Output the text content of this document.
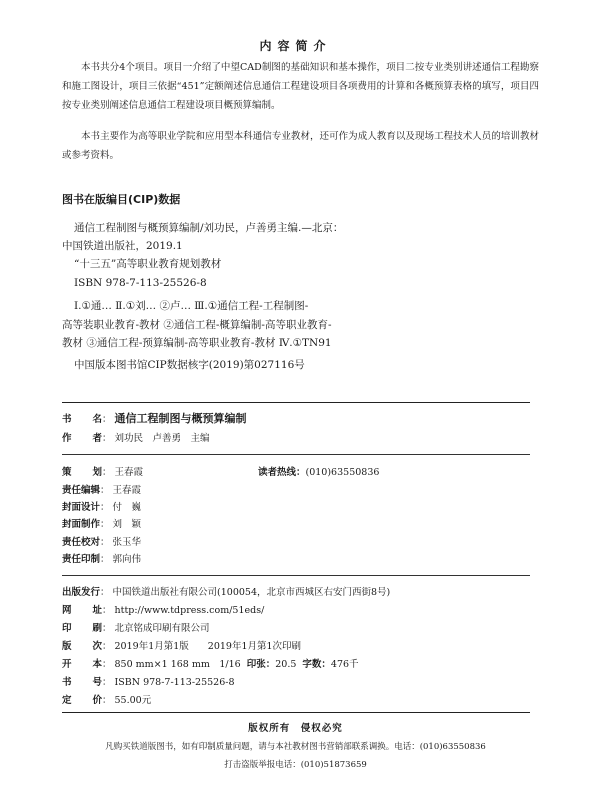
内容简介
本书共分4个项目。项目一介绍了中望CAD制图的基础知识和基本操作，项目二按专业类别讲述通信工程勘察和施工图设计，项目三依据“451”定额阐述信息通信工程建设项目各项费用的计算和各概预算表格的填写，项目四按专业类别阐述信息通信工程建设项目概预算编制。
本书主要作为高等职业学院和应用型本科通信专业教材，还可作为成人教育以及现场工程技术人员的培训教材或参考资料。
图书在版编目(CIP)数据
通信工程制图与概预算编制/刘功民，卢善勇主编.—北京：
中国铁道出版社，2019.1
“十三五”高等职业教育规划教材
ISBN 978-7-113-25526-8
Ⅰ.①通… Ⅱ.①刘… ②卢… Ⅲ.①通信工程-工程制图-
高等装职业教育-教材 ②通信工程-概算编制-高等职业教育-
教材 ③通信工程-预算编制-高等职业教育-教材 Ⅳ.①TN91
中国版本图书馆CIP数据核字(2019)第027116号
书 名 ： 通信工程制图与概预算编制
作 者 ： 刘功民　卢善勇　主编
策 划 ： 王春霞	读者热线：(010)63550836
责任编辑 ： 王春霞
封面设计 ： 付　巍
封面制作 ： 刘　颖
责任校对 ： 张玉华
责任印制 ： 郭向伟
出版发行 ： 中国铁道出版社有限公司(100054，北京市西城区右安门西街8号)
网 址 ： http://www.tdpress.com/51eds/
印 刷 ： 北京铭成印刷有限公司
版 次 ： 2019年1月第1版　　2019年1月第1次印刷
开 本 ： 850 mm×1 168 mm　1/16 印张： 20.5 字数： 476千
书 号 ： ISBN 978-7-113-25526-8
定 价 ： 55.00元
版权所有　侵权必究
凡购买铁道版图书，如有印制质量问题，请与本社教材图书营销部联系调换。电话：(010)63550836
打击盗版举报电话：(010)51873659
